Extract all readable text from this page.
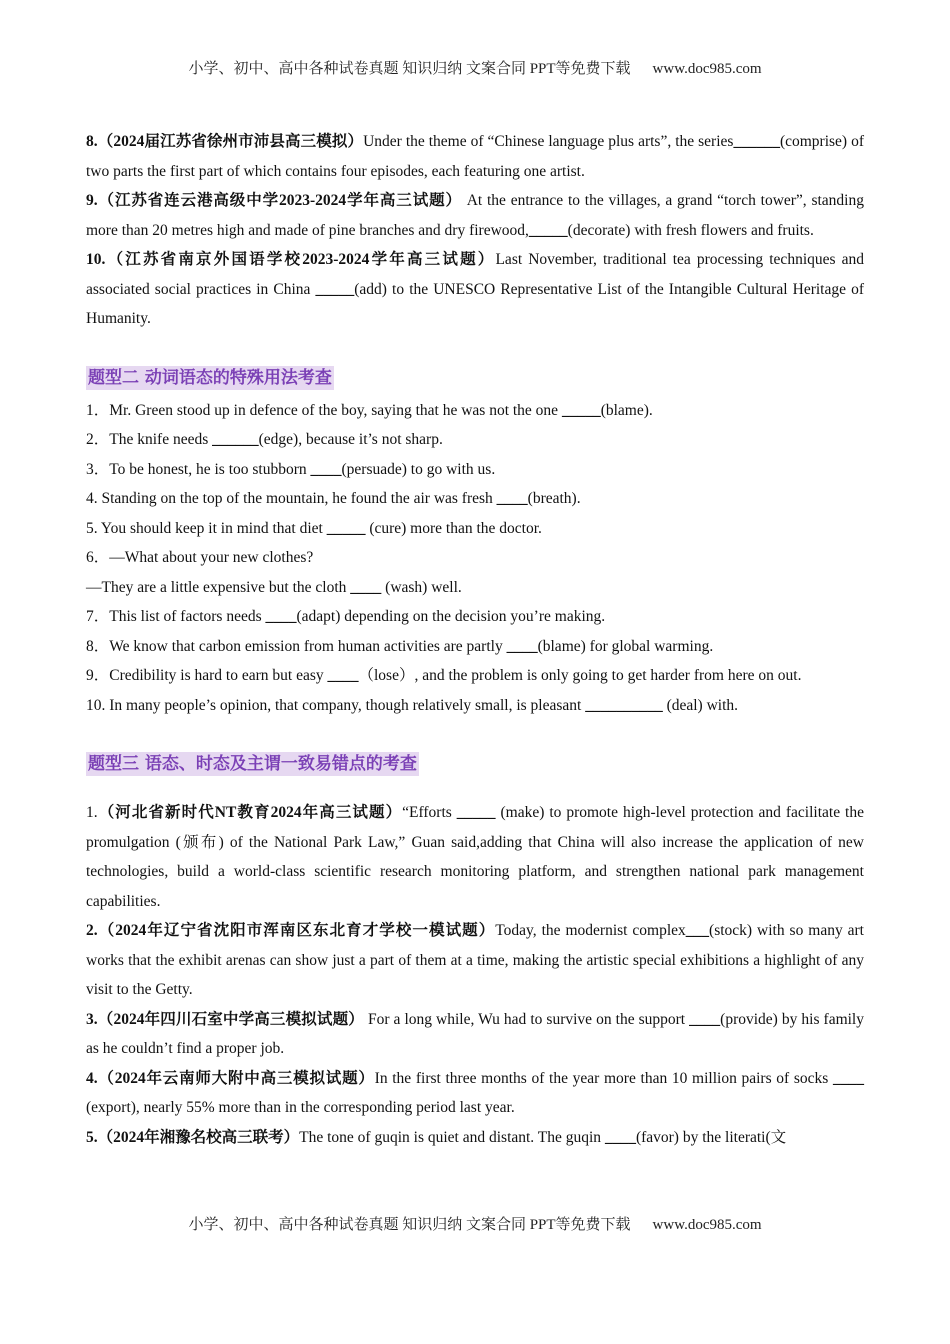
小学、初中、高中各种试卷真题 知识归纳 文案合同 PPT等免费下载 www.doc985.com

8.（2024届江苏省徐州市沛县高三模拟）Under the theme of “Chinese language plus arts”, the series______(comprise) of two parts the first part of which contains four episodes, each featuring one artist.

9.（江苏省连云港高级中学2023-2024学年高三试题） At the entrance to the villages, a grand “torch tower”, standing more than 20 metres high and made of pine branches and dry firewood,_____(decorate) with fresh flowers and fruits.

10.（江苏省南京外国语学校2023-2024学年高三试题）Last November, traditional tea processing techniques and associated social practices in China _____(add) to the UNESCO Representative List of the Intangible Cultural Heritage of Humanity.

题型二 动词语态的特殊用法考查

1．Mr. Green stood up in defence of the boy, saying that he was not the one _____(blame).

2．The knife needs ______(edge), because it’s not sharp.

3．To be honest, he is too stubborn ____(persuade) to go with us.

4. Standing on the top of the mountain, he found the air was fresh ____(breath).

5. You should keep it in mind that diet _____ (cure) more than the doctor.

6．—What about your new clothes?

—They are a little expensive but the cloth ____ (wash) well.

7．This list of factors needs ____(adapt) depending on the decision you’re making.

8．We know that carbon emission from human activities are partly ____(blame) for global warming.

9．Credibility is hard to earn but easy ____（lose）, and the problem is only going to get harder from here on out.

10. In many people’s opinion, that company, though relatively small, is pleasant __________ (deal) with.

题型三 语态、时态及主谓一致易错点的考查

1.（河北省新时代NT教育2024年高三试题）“Efforts _____ (make) to promote high-level protection and facilitate the promulgation (颁布) of the National Park Law,” Guan said,adding that China will also increase the application of new technologies, build a world-class scientific research monitoring platform, and strengthen national park management capabilities.

2.（2024年辽宁省沈阳市浑南区东北育才学校一模试题）Today, the modernist complex___(stock) with so many art works that the exhibit arenas can show just a part of them at a time, making the artistic special exhibitions a highlight of any visit to the Getty.

3.（2024年四川石室中学高三模拟试题） For a long while, Wu had to survive on the support ____(provide) by his family as he couldn’t find a proper job.

4.（2024年云南师大附中高三模拟试题）In the first three months of the year more than 10 million pairs of socks ____ (export), nearly 55% more than in the corresponding period last year.

5.（2024年湘豫名校高三联考）The tone of guqin is quiet and distant. The guqin ____(favor) by the literati(文

小学、初中、高中各种试卷真题 知识归纳 文案合同 PPT等免费下载 www.doc985.com
